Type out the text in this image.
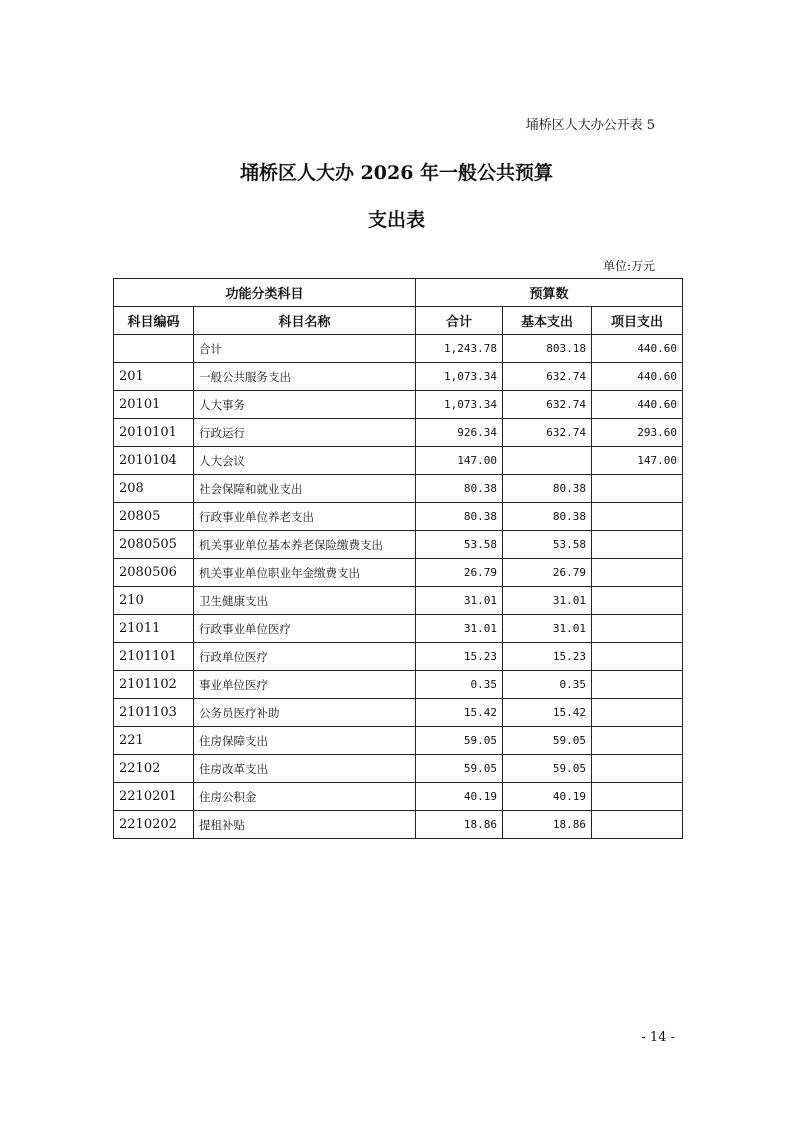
埇桥区人大办公开表 5
埇桥区人大办 2026 年一般公共预算
支出表
单位:万元
功能分类科目		预算数		
科目编码	科目名称	合计	基本支出	项目支出
	合计	1,243.78	803.18	440.60
201	一般公共服务支出	1,073.34	632.74	440.60
20101	人大事务	1,073.34	632.74	440.60
2010101	行政运行	926.34	632.74	293.60
2010104	人大会议	147.00		147.00
208	社会保障和就业支出	80.38	80.38	
20805	行政事业单位养老支出	80.38	80.38	
2080505	机关事业单位基本养老保险缴费支出	53.58	53.58	
2080506	机关事业单位职业年金缴费支出	26.79	26.79	
210	卫生健康支出	31.01	31.01	
21011	行政事业单位医疗	31.01	31.01	
2101101	行政单位医疗	15.23	15.23	
2101102	事业单位医疗	0.35	0.35	
2101103	公务员医疗补助	15.42	15.42	
221	住房保障支出	59.05	59.05	
22102	住房改革支出	59.05	59.05	
2210201	住房公积金	40.19	40.19	
2210202	提租补贴	18.86	18.86	
- 14 -
